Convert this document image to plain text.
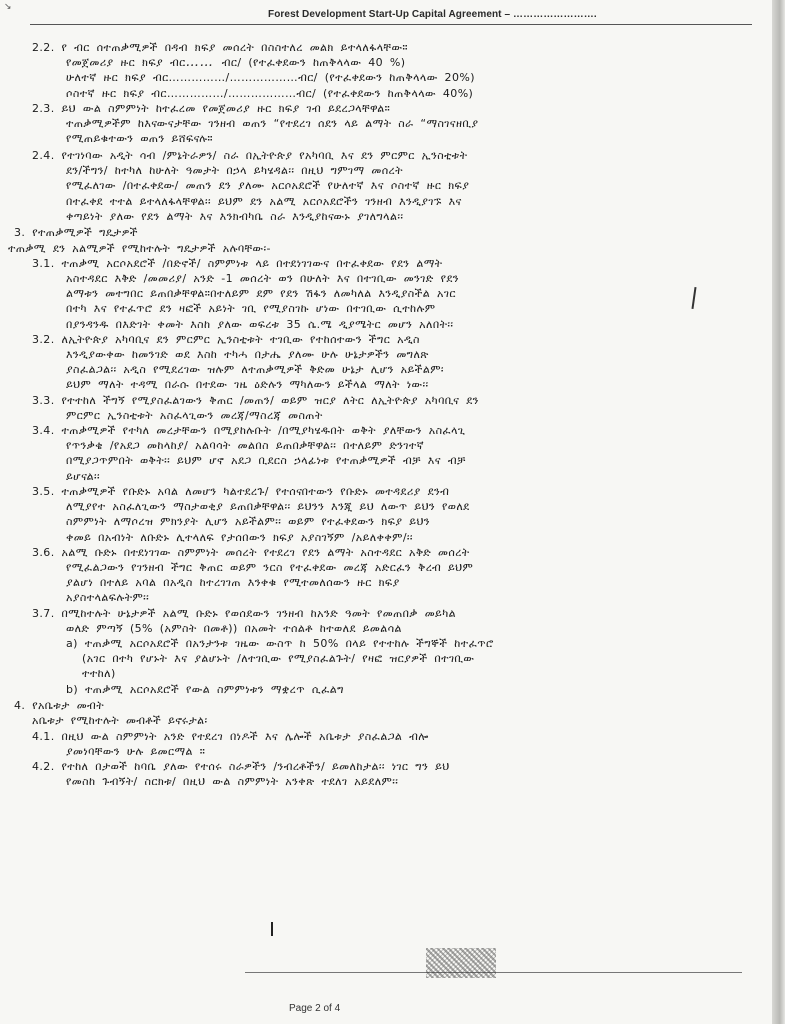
↘
Forest Development Start-Up Capital Agreement – …………………….
2.2. የ ብር ሰተጠቃሚዎች በዳብ ክፍያ መሰረት በስስተለረ መልክ ይተላለፋላቸው።
የመጀመሪያ ዙር ክፍያ ብር…… ብር/ (የተፈቀደውን ከጠቅላላው 40 %)
ሁለተኛ ዙር ክፍያ ብር……………/………………ብር/ (የተፈቀደውን ከጠቅላላው 20%)
ሶስተኛ ዙር ክፍያ ብር……………/………………ብር/ (የተፈቀደውን ከጠቅላላው 40%)
2.3. ይህ ውል ስምምነት ከተፈረመ የመጀመሪያ ዙር ክፍያ ገብ ይደረጋላቸዋል።
ተጠቃሚዎችም ከእናውናታቸው ገንዘብ ወጠን “የተደረገ ሰደን ላይ ልማት ስራ “ማስገናዘቢያ
የሚጠይቁተውን ወጠን ይሸፍናሉ።
2.4. የተገነባው አዲት ሳብ /ምኔትራዎን/ ስራ በኢትዮጵያ የአካባቢ እና ደን ምርምር ኢንስቲቱት
ደን/ችግን/ ከተካለ ከሁለት ዓመታት በኃላ ይካሄዳል፡፡ በዚህ ግምገማ መሰረት
የሚፈለገው /በተፈቀደው/ መጠን ደን ያለሙ አርሶአደሮች የሁለተኛ እና ሶስተኛ ዙር ክፍያ
በተፈቀደ ተተል ይተላለፋላቸዋል፡፡ ይህም ደን አልሚ አርሶአደሮችን ገንዘብ እንዲያገኙ እና
ቀጣይነት ያለው የደን ልማት እና እንክብካቤ ስራ እንዲያከናውኑ ያገለግላል፡፡
3. የተጠቃሚዎች ግዴታዎች
ተጠቃሚ ደን አልሚዎች የሚከተሉት ግዴታዎች አሉባቸው፡-
3.1. ተጠቃሚ አርሶአደሮች /በድኖች/ ስምምነቱ ላይ በተደነገገውና በተፈቀደው የደን ልማት
አስተዳደር እቅድ /መመሪያ/ አንድ -1 መሰረት ወን በሁለት እና በተገቢው መንገድ የደን
ልማቱን መተግበር ይጠበቃቸዋል።በተለይም ደም የደን ሽፋን ለመካለል እንዲያስችል አገር
በተካ እና የተፈጥሮ ደን ዛፎች አይነት ገቢ የሚያስገኩ ሆነው በተገቢው ሲተከሉም
በያንዳንዱ በእድገት ቀመት እስከ ያለው ወፍረቱ 35 ሴ.ሜ ዲያሜትር መሆን አለበት፡፡
3.2. ለኢትዮጵያ አካባቢና ደን ምርምር ኢንስቲቱት ተገቢው የተከሰተውን ችግር አዲስ
እንዲያውቀው ከመንገድ ወደ እስከ ተካሓ በታሔ ያለሙ ሁሉ ሁኔታዎችን መግለጽ
ያስፈልጋል፡፡ አዲስ የሚደረገው ዝሉም ለተጠቃሚዎች ቅድመ ሁኔታ ሊሆን አይችልም፡
ይህም ማለት ተዳሚ በራሱ በተደው ገዜ ዕድሉን ማካለውን ይችላል ማለት ነው፡፡
3.3. የተተከለ ችግኝ የሚያስፈልገውን ቅጠር /መጠን/ ወይም ዝርያ ለትር ለኢትዮጵያ አካባቢና ደን
ምርምር ኢንስቲቱት አስፈላጊውን መረጃ/ማስረጃ መስጠት
3.4. ተጠቃሚዎች የተካለ መረታቸውን በሚያከሉቡት /በሚያካሄዱበት ወቅት ያለቸውን አስፈላጊ
የጥንቃቄ /የአደጋ መከላከያ/ አልባሳት መልበስ ይጠበቃቸዋል፡፡ በተለይም ድንገተኛ
በሚያጋጥምበት ወቅት፡፡ ይህም ሆኖ አደጋ ቢደርስ ኃላፊነቱ የተጠቃሚዎች ብቻ እና ብቻ
ይሆናል፡፡
3.5. ተጠቃሚዎች የቡድኑ አባል ለመሆን ካልተደረጉ/ የተሰናበተውን የቡድኑ መተዳደሪያ ደንብ
ለሚያየተ አስፈለጊውን ማስታወቂያ ይጠበቃቸዋል፡፡ ይህንን እንጂ ይህ ለውጥ ይህን የወለደ
ስምምነት ለማሶረዝ ምክንያት ሊሆን አይችልም፡፡ ወይም የተፈቀደውን ክፍያ ይህን
ቀመይ በአብነት ለቡድኑ ሊተላለፍ የታሰበውን ክፍያ አያስገኝም /አይለቀቀም/፡፡
3.6. አልሚ ቡድኑ በተደነገገው ስምምነት መሰረት የተደረገ የደን ልማት አስተዳደር አቅድ መሰረት
የሚፈልጋውን የገንዘብ ችግር ቅጠር ወይም ንርስ የተፈቀደው መረጃ አድርፈን ቅረብ ይህም
ያልሆነ በተለይ አባል በአዲስ ከተረገገጠ እንቀቁ የሚተመለሰውን ዙር ክፍያ
አያስተላልፍሉትም፡፡
3.7. በሚከተሉት ሁኔታዎች አልሚ ቡድኑ የወሰደውን ገንዘብ ከአንድ ዓመት የመጠበቃ መይካል
ወለድ ምጣኝ (5% (አምስት በመቶ)) በአመት ተሰልቶ ከተወለደ ይመልሳል
a) ተጠቃሚ አርሶአደሮች በአንታንቱ ገዜው ውስጥ ከ 50% በላይ የተተከሉ ችግኞች ከተፈጥሮ
(አገር በተካ የሆኑት እና ያልሆኑት /ለተገቢው የሚያስፈልጉት/ የዛፎ ዝርያዎች በተገቢው
ተተከለ)
b) ተጠቃሚ አርሶአደሮች የውል ስምምነቱን ማቋረጥ ሲፈልግ
4. የአቤቱታ መብት
አቤቱታ የሚከተሉት መብቶች ይኖሩታል፡
4.1. በዚህ ውል ስምምነት አንድ የተደረገ በነዶች እና ሌሎች አቤቱታ ያስፈልጋል ብሎ
ያመነባቸውን ሁሉ ይመርማል ።
4.2. የተከለ በታወች ከባቤ ያለው የተሰሩ ስራዎችን /ንብረቶችን/ ይመለከታል፡፡ ነገር ግን ይህ
የመስከ ጉብኝት/ ስርክቱ/ በዚህ ውል ስምምነት አንቀጽ ተደለገ አይደለም፡፡
Page 2 of 4
